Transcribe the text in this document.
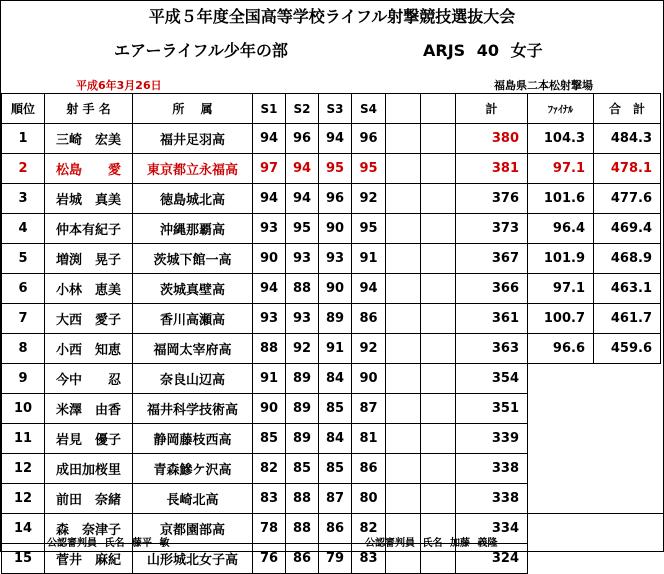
平成５年度全国高等学校ライフル射撃競技選抜大会
エアーライフル少年の部	ARJS 40 女子
平成6年3月26日	福島県二本松射撃場
順位	射 手 名	所　 属	S1	S2	S3	S4			計	ﾌｧｲﾅﾙ	合　計
1	三崎　宏美	福井足羽高	94	96	94	96			380	104.3	484.3
2	松島　　愛	東京都立永福高	97	94	95	95			381	97.1	478.1
3	岩城　真美	徳島城北高	94	94	96	92			376	101.6	477.6
4	仲本有紀子	沖縄那覇高	93	95	90	95			373	96.4	469.4
5	増渕　晃子	茨城下館一高	90	93	93	91			367	101.9	468.9
6	小林　恵美	茨城真壁高	94	88	90	94			366	97.1	463.1
7	大西　愛子	香川高瀬高	93	93	89	86			361	100.7	461.7
8	小西　知恵	福岡太宰府高	88	92	91	92			363	96.6	459.6
9	今中　　忍	奈良山辺高	91	89	84	90			354		
10	米澤　由香	福井科学技術高	90	89	85	87			351		
11	岩見　優子	静岡藤枝西高	85	89	84	81			339		
12	成田加桜里	青森鰺ケ沢高	82	85	85	86			338		
12	前田　奈緒	長崎北高	83	88	87	80			338		
14	森　奈津子	京都園部高	78	88	86	82			334		
15	菅井　麻紀	山形城北女子高	76	86	79	83			324		
公認審判員 氏名 藤平 敏	公認審判員 氏名 加藤 義隆
